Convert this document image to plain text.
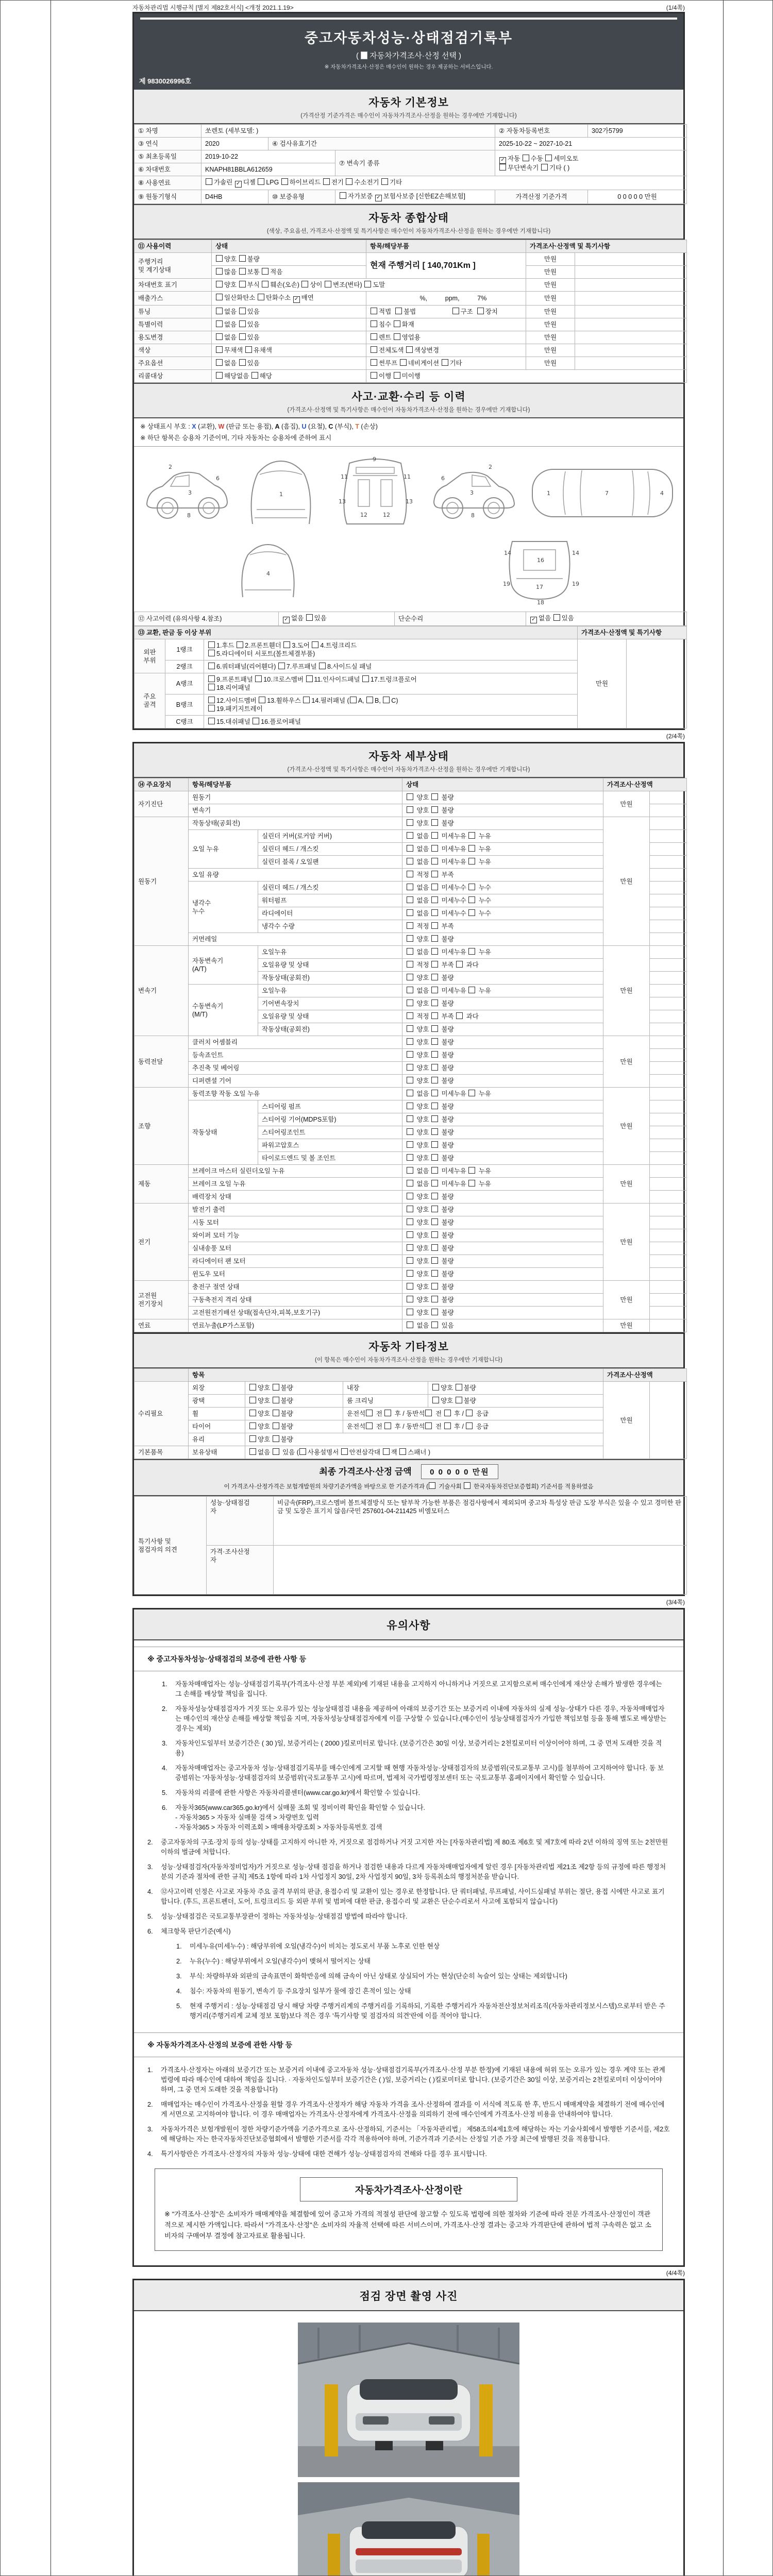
자동차관리법 시행규칙 [별지 제82호서식] <개정 2021.1.19>	(1/4쪽)
중고자동차성능·상태점검기록부
(  자동차가격조사·산정 선택 )
※ 자동차가격조사·산정은 매수인이 원하는 경우 제공하는 서비스입니다.
제 9830026996호
자동차 기본정보
(가격산정 기준가격은 매수인이 자동차가격조사·산정을 원하는 경우에만 기재합니다)
① 차명	쏘렌토 (세부모델: )			② 자동차등록번호	302가5799
③ 연식	2020	④ 검사유효기간		2025-10-22 ~ 2027-10-21	
⑤ 최초등록일	2019-10-22		⑦ 변속기 종류	✓자동 수동 세미오토
무단변속기 기타 ( )
⑥ 차대번호	KNAPH81BBLA612659				
⑧ 사용연료	가솔린 ✓디젤 LPG 하이브리드 전기 수소전기 기타
⑨ 원동기형식	D4HB	⑩ 보증유형	자가보증 ✓보험사보증 [신한EZ손해보험]	가격산정 기준가격	0 0 0 0 0 만원
자동차 종합상태
(색상, 주요옵션, 가격조사·산정액 및 특기사항은 매수인이 자동차가격조사·산정을 원하는 경우에만 기재합니다)
⑪ 사용이력	상태	항목/해당부품	가격조사·산정액 및 특기사항	
주행거리
및 계기상태	양호 불량	현재 주행거리 [ 140,701Km ]	만원	
	많음 보통 적음		만원	
차대번호 표기	양호 부식 훼손(오손) 상이 변조(변타) 도말		만원	
배출가스	일산화탄소 탄화수소 ✓매연	%,          ppm,          7%	만원	
튜닝	없음 있음	적법  불법                    구조  장치	만원	
특별이력	없음 있음	침수 화재	만원	
용도변경	없음 있음	렌트 영업용	만원	
색상	무채색 유채색	전체도색 색상변경	만원	
주요옵션	없음 있음	썬루프 네비게이션 기타	만원	
리콜대상	해당없음 해당	이행 미이행		
사고·교환·수리 등 이력
(가격조사·산정액 및 특기사항은 매수인이 자동차가격조사·산정을 원하는 경우에만 기재합니다)
※ 상태표시 부호 : X (교환), W (판금 또는 용접), A (흠집), U (요철), C (부식), T (손상)
※ 하단 항목은 승용차 기준이며, 기타 자동차는 승용차에 준하여 표시
2
3
6
8
1
9
11	11
13	13
12	12
2
3
6
8
1	7	4
4
14	14
16
17
19	19
18
⑫ 사고이력 (유의사항 4.참조)	✓없음 있음	단순수리	✓없음 있음
⑬ 교환, 판금 등 이상 부위			가격조사·산정액 및 특기사항	
외판
부위	1랭크	1.후드 2.프론트휀더 3.도어 4.트렁크리드
5.라디에이터 서포트(볼트체결부품)	만원	
	2랭크	6.쿼터패널(리어휀다) 7.루프패널 8.사이드실 패널		
주요
골격	A랭크	9.프론트패널 10.크로스멤버 11.인사이드패널 17.트렁크플로어
18.리어패널		
	B랭크	12.사이드멤버 13.휠하우스 14.필러패널 ( A, B, C)
19.패키지트레이		
	C랭크	15.대쉬패널 16.플로어패널		
(2/4쪽)
자동차 세부상태
(가격조사·산정액 및 특기사항은 매수인이 자동차가격조사·산정을 원하는 경우에만 기재합니다)
⑭ 주요장치	항목/해당부품		상태	가격조사·산정액	
자기진단	원동기		양호  불량	만원	
	변속기		양호  불량		
원동기	작동상태(공회전)		양호  불량	만원	
	오일 누유	실린더 커버(로커암 커버)	없음  미세누유  누유		
		실린더 헤드 / 개스킷	없음  미세누유  누유		
		실린더 블록 / 오일팬	없음  미세누유  누유		
	오일 유량		적정  부족		
	냉각수
누수	실린더 헤드 / 개스킷	없음  미세누수  누수		
		워터펌프	없음  미세누수  누수		
		라디에이터	없음  미세누수  누수		
		냉각수 수량	적정  부족		
	커먼레일		양호  불량		
변속기	자동변속기
(A/T)	오일누유	없음  미세누유  누유	만원	
		오일유량 및 상태	적정  부족  과다		
		작동상태(공회전)	양호  불량		
	수동변속기
(M/T)	오일누유	없음  미세누유  누유		
		기어변속장치	양호  불량		
		오일유량 및 상태	적정  부족  과다		
		작동상태(공회전)	양호  불량		
동력전달	클러치 어셈블리		양호  불량	만원	
	등속죠인트		양호  불량		
	추진축 및 베어링		양호  불량		
	디퍼렌셜 기어		양호  불량		
조향	동력조향 작동 오일 누유		없음  미세누유  누유	만원	
	작동상태	스티어링 펌프	양호  불량		
		스티어링 기어(MDPS포함)	양호  불량		
		스티어링조인트	양호  불량		
		파워고압호스	양호  불량		
		타이로드엔드 및 볼 조인트	양호  불량		
제동	브레이크 마스터 실린더오일 누유		없음  미세누유  누유	만원	
	브레이크 오일 누유		없음  미세누유  누유		
	배력장치 상태		양호  불량		
전기	발전기 출력		양호  불량	만원	
	시동 모터		양호  불량		
	와이퍼 모터 기능		양호  불량		
	실내송풍 모터		양호  불량		
	라디에이터 팬 모터		양호  불량		
	윈도우 모터		양호  불량		
고전원
전기장치	충전구 절연 상태		양호  불량	만원	
	구동축전지 격리 상태		양호  불량		
	고전원전기배선 상태(접속단자,피복,보호기구)		양호  불량		
연료	연료누출(LP가스포함)		없음  있음	만원	
자동차 기타정보
(이 항목은 매수인이 자동차가격조사·산정을 원하는 경우에만 기재합니다)
	항목				가격조사·산정액	
수리필요	외장	양호 불량	내장	양호 불량	만원	
	광택	양호 불량	룸 크리닝	양호 불량		
	휠	양호 불량	운전석 전  후 / 동반석 전  후 /  응급			
	타이어	양호 불량	운전석 전  후 / 동반석 전  후 /  응급			
	유리	양호 불량				
기본품목	보유상태	없음  있음 ( 사용설명서 안전삼각대 잭 스패너 )				
최종 가격조사·산정 금액 0 0 0 0 0 만원
이 가격조사·산정가격은 보험개발원의 차량기준가액을 바탕으로 한 기준가격과 ( 기술사회  한국자동차진단보증협회) 기준서를 적용하였음
특기사항 및
점검자의 의견	성능·상태점검
자	비금속(FRP),크로스멤버 볼트체결방식 또는 탈부착 가능한 부품은 점검사항에서 제외되며 중고차 특성상 판금 도장 부식은 있을 수 있고 경미한 판금 및 도장은 표기치 않음/국민 257601-04-211425 비엠모터스
	가격·조사산정
자	
(3/4쪽)
유의사항
※ 중고자동차성능·상태점검의 보증에 관한 사항 등
1.	자동차매매업자는 성능·상태점검기록부(가격조사·산정 부분 제외)에 기재된 내용을 고지하지 아니하거나 거짓으로 고지함으로써 매수인에게 재산상 손해가 발생한 경우에는 그 손해를 배상할 책임을 집니다.
2.	자동차성능상태점검자가 거짓 또는 오류가 있는 성능상태점검 내용을 제공하여 아래의 보증기간 또는 보증거리 이내에 자동차의 실제 성능·상태가 다른 경우, 자동차매매업자는 매수인의 재산상 손해를 배상할 책임을 지며, 자동차성능상태점검자에게 이를 구상할 수 있습니다.(매수인이 성능상태점검자가 가입한 책임보험 등을 통해 별도로 배상받는 경우는 제외)
3.	자동차인도일부터 보증기간은 ( 30 )일, 보증거리는 ( 2000 )킬로미터로 합니다. (보증기간은 30일 이상, 보증거리는 2천킬로미터 이상이어야 하며, 그 중 먼저 도래한 것을 적용)
4.	자동차매매업자는 중고자동차 성능·상태점검기록부를 매수인에게 고지할 때 현행 자동차성능·상태점검자의 보증범위(국토교통부 고시)를 첨부하여 고지하여야 합니다. 동 보증범위는 '자동차성능·상태점검자의 보증범위'(국토교통부 고시)에 따르며, 법제처 국가법령정보센터 또는 국토교통부 홈페이지에서 확인할 수 있습니다.
5.	자동차의 리콜에 관한 사항은 자동차리콜센터(www.car.go.kr)에서 확인할 수 있습니다.
6.	자동차365(www.car365.go.kr)에서 실매물 조회 및 정비이력 확인을 확인할 수 있습니다.
- 자동차365 > 자동차 실매물 검색 > 차량번호 입력
- 자동차365 > 자동차 이력조회 > 매매용차량조회 > 자동차등록번호 검색
2.	중고자동차의 구조·장치 등의 성능·상태를 고지하지 아니한 자, 거짓으로 점검하거나 거짓 고지한 자는 [자동차관리법] 제 80조 제6호 및 제7호에 따라 2년 이하의 징역 또는 2천만원 이하의 벌금에 처합니다.
3.	성능·상태점검자(자동차정비업자)가 거짓으로 성능·상태 점검을 하거나 점검한 내용과 다르게 자동차매매업자에게 알린 경우 [자동차관리법 제21조 제2항 등의 규정에 따른 행정처분의 기준과 절차에 관한 규칙] 제5조 1항에 따라 1차 사업정지 30일, 2차 사업정지 90일, 3차 등록취소의 행정처분을 받습니다.
4.	⑫사고이력 인정은 사고로 자동차 주요 골격 부위의 판금, 용접수리 및 교환이 있는 경우로 한정합니다. 단 쿼터패널, 루프패널, 사이드실패널 부위는 절단, 용접 시에만 사고로 표기합니다. (후드, 프론트펜더, 도어, 트렁크리드 등 외판 부위 및 범퍼에 대한 판금, 용접수리 및 교환은 단순수리로서 사고에 포함되지 않습니다)
5.	성능·상태점검은 국토교통부장관이 정하는 자동차성능·상태점검 방법에 따라야 합니다.
6.	체크항목 판단기준(예시)
1.	미세누유(미세누수) : 해당부위에 오일(냉각수)이 비치는 정도로서 부품 노후로 인한 현상
2.	누유(누수) : 해당부위에서 오일(냉각수)이 맺혀서 떨어지는 상태
3.	부식: 차량하부와 외판의 금속표면이 화학반응에 의해 금속이 아닌 상태로 상실되어 가는 현상(단순히 녹슬어 있는 상태는 제외합니다)
4.	침수: 자동차의 원동기, 변속기 등 주요장치 일부가 물에 잠긴 흔적이 있는 상태
5.	현재 주행거리 : 성능·상태점검 당시 해당 차량 주행거리계의 주행거리를 기록하되, 기록한 주행거리가 자동차전산정보처리조직(자동차관리정보시스템)으로부터 받은 주행거리(주행거리계 교체 정보 포함)보다 적은 경우 '특기사항 및 점검자의 의견'란에 이를 적어야 합니다.
※ 자동차가격조사·산정의 보증에 관한 사항 등
1.	가격조사·산정자는 아래의 보증기간 또는 보증거리 이내에 중고자동차 성능·상태점검기록부(가격조사·산정 부분 한정)에 기재된 내용에 허위 또는 오류가 있는 경우 계약 또는 관계법령에 따라 매수인에 대하여 책임을 집니다. · 자동차인도일부터 보증기간은 ( )일, 보증거리는 ( )킬로미터로 합니다. (보증기간은 30일 이상, 보증거리는 2천킬로미터 이상이어야 하며, 그 중 먼저 도래한 것을 적용합니다)
2.	매매업자는 매수인이 가격조사·산정을 원할 경우 가격조사·산정자가 해당 자동차 가격을 조사·산정하여 결과를 이 서식에 적도록 한 후, 반드시 매매계약을 체결하기 전에 매수인에게 서면으로 고지하여야 합니다. 이 경우 매매업자는 가격조사·산정자에게 가격조사·산정을 의뢰하기 전에 매수인에게 가격조사·산정 비용을 안내하여야 합니다.
3.	자동차가격은 보험개발원이 정한 차량기준가액을 기준가격으로 조사·산정하되, 기준서는 「자동차관리법」 제58조의4제1호에 해당하는 자는 기술사회에서 발행한 기준서를, 제2호에 해당하는 자는 한국자동차진단보증협회에서 발행한 기준서를 각각 적용하여야 하며, 기준가격과 기준서는 산정일 기준 가장 최근에 발행된 것을 적용합니다.
4.	특기사항란은 가격조사·산정자의 자동차 성능·상태에 대한 견해가 성능·상태점검자의 견해와 다를 경우 표시합니다.
자동차가격조사·산정이란
※ "가격조사·산정"은 소비자가 매매계약을 체결함에 있어 중고차 가격의 적절성 판단에 참고할 수 있도록 법령에 의한 절차와 기준에 따라 전문 가격조사·산정인이 객관적으로 제시한 가액입니다. 따라서 "가격조사·산정"은 소비자의 자율적 선택에 따른 서비스이며, 가격조사·산정 결과는 중고차 가격판단에 관하여 법적 구속력은 없고 소비자의 구매여부 결정에 참고자료로 활용됩니다.
(4/4쪽)
점검 장면 촬영 사진
